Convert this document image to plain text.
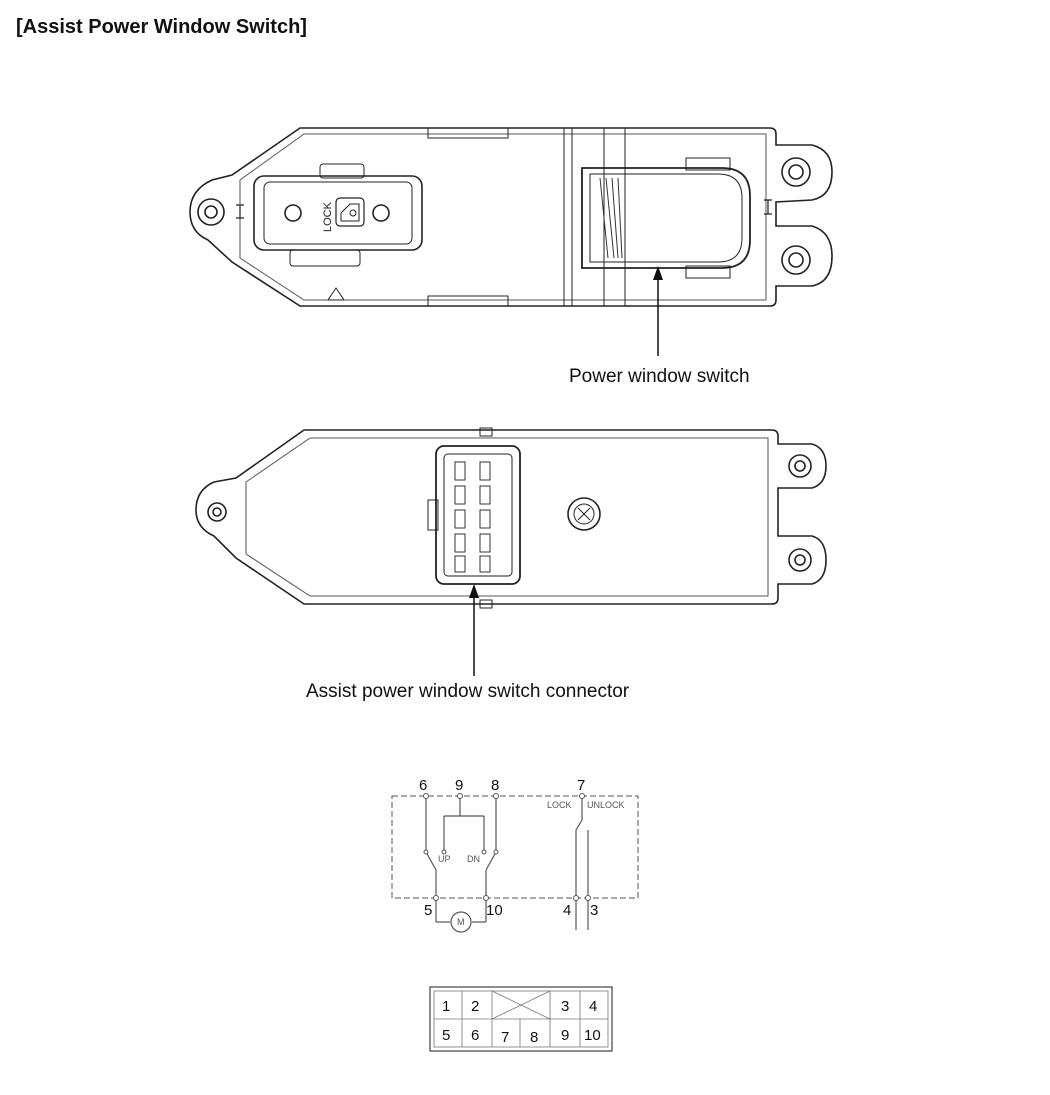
[Assist Power Window Switch]
LOCK
6 9 8	7
5	10	4 3
UP DN
LOCK UNLOCK
M
1 2	3 4
5 6 7 8 9 10
Power window switch
Assist power window switch connector
